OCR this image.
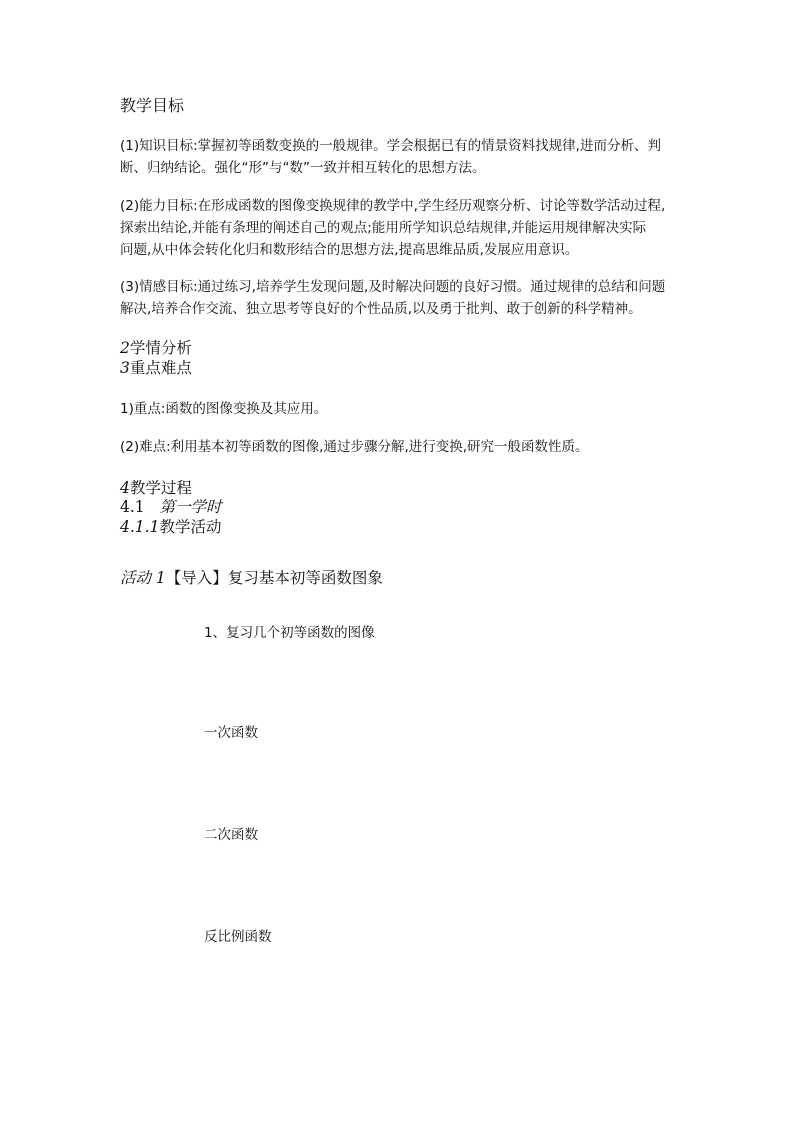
教学目标
(1)知识目标:掌握初等函数变换的一般规律。学会根据已有的情景资料找规律,进而分析、判
断、归纳结论。强化“形”与“数”一致并相互转化的思想方法。
(2)能力目标:在形成函数的图像变换规律的教学中,学生经历观察分析、讨论等数学活动过程,
探索出结论,并能有条理的阐述自己的观点;能用所学知识总结规律,并能运用规律解决实际
问题,从中体会转化化归和数形结合的思想方法,提高思维品质,发展应用意识。
(3)情感目标:通过练习,培养学生发现问题,及时解决问题的良好习惯。通过规律的总结和问题
解决,培养合作交流、独立思考等良好的个性品质,以及勇于批判、敢于创新的科学精神。
2学情分析
3重点难点
1)重点:函数的图像变换及其应用。
(2)难点:利用基本初等函数的图像,通过步骤分解,进行变换,研究一般函数性质。
4教学过程
4.1 第一学时
4.1.1教学活动
活动 1【导入】复习基本初等函数图象
1、复习几个初等函数的图像
一次函数
二次函数
反比例函数
